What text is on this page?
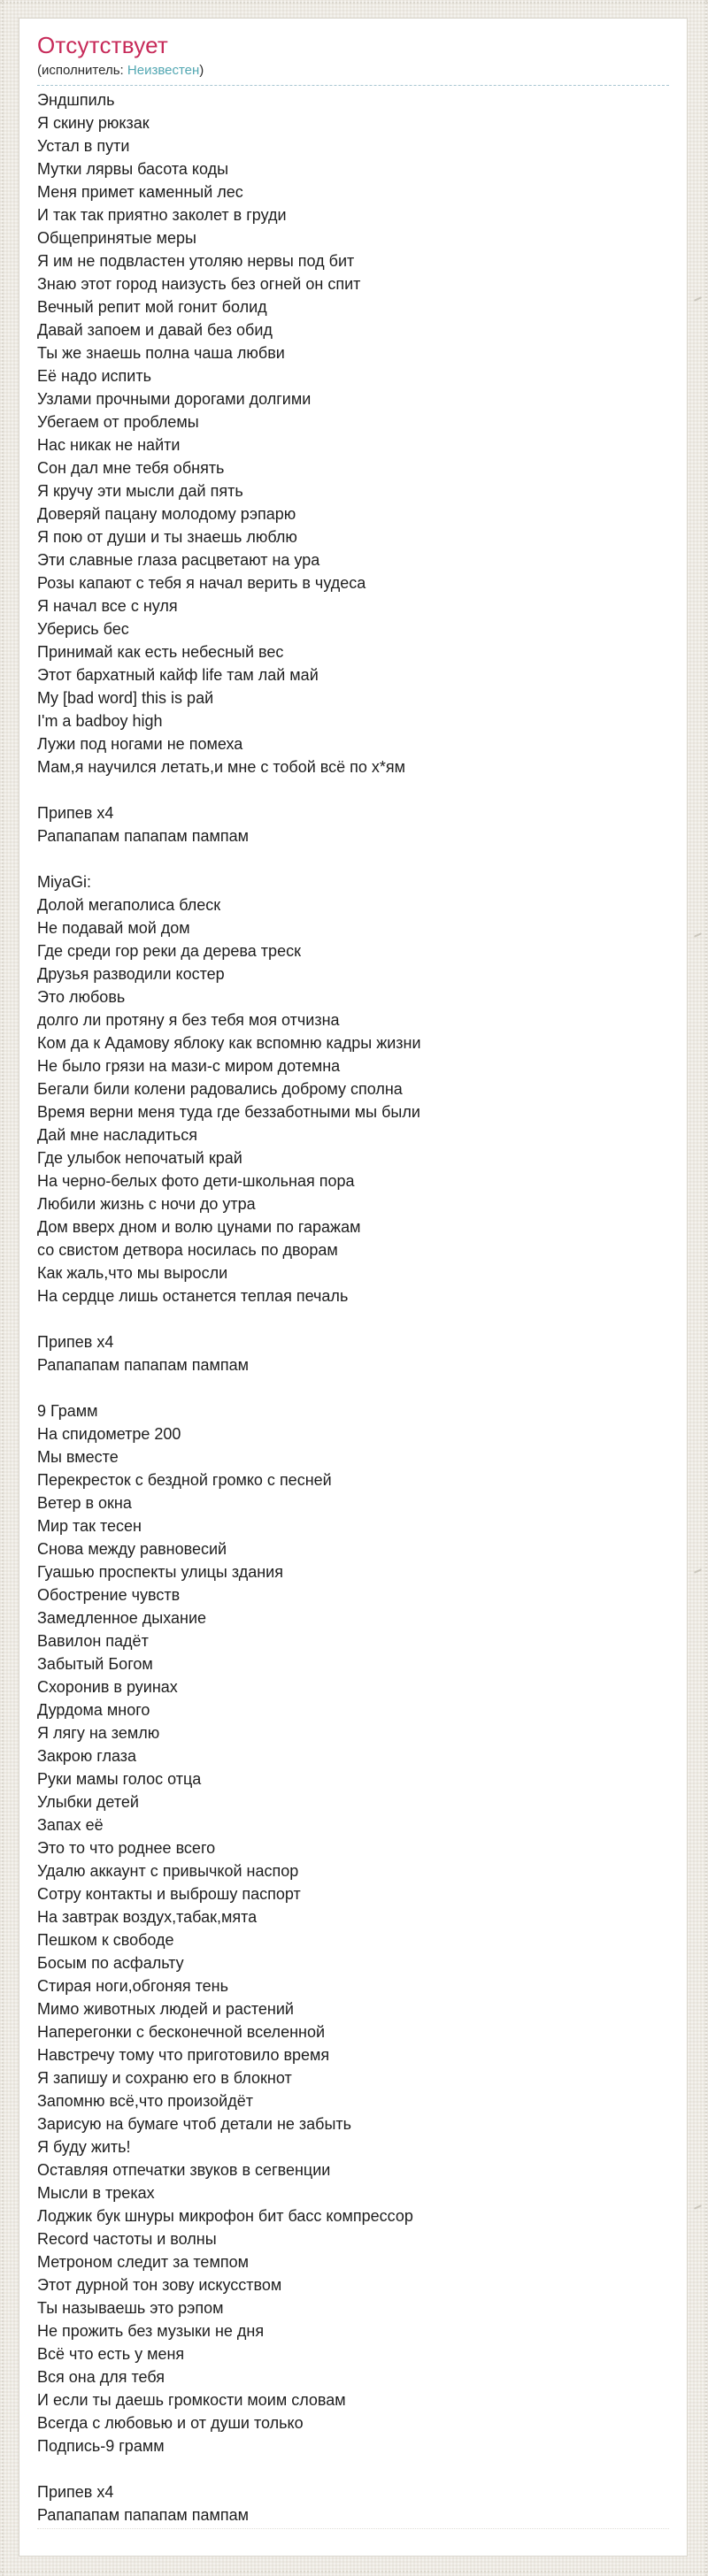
Отсутствует
(исполнитель: Неизвестен)
Эндшпиль
Я скину рюкзак
Устал в пути
Мутки лярвы басота коды
Меня примет каменный лес
И так так приятно заколет в груди
Общепринятые меры
Я им не подвластен утоляю нервы под бит
Знаю этот город наизусть без огней он спит
Вечный репит мой гонит болид
Давай запоем и давай без обид
Ты же знаешь полна чаша любви
Её надо испить
Узлами прочными дорогами долгими
Убегаем от проблемы
Нас никак не найти
Сон дал мне тебя обнять
Я кручу эти мысли дай пять
Доверяй пацану молодому рэпарю
Я пою от души и ты знаешь люблю
Эти славные глаза расцветают на ура
Розы капают с тебя я начал верить в чудеса
Я начал все с нуля
Уберись бес
Принимай как есть небесный вес
Этот бархатный кайф life там лай май
My [bad word] this is рай
I'm a badboy high
Лужи под ногами не помеха
Мам,я научился летать,и мне с тобой всё по х*ям

Припев x4
Рапапапам папапам пампам

MiyaGi:
Долой мегаполиса блеск
Не подавай мой дом
Где среди гор реки да дерева треск
Друзья разводили костер
Это любовь
долго ли протяну я без тебя моя отчизна
Ком да к Адамову яблоку как вспомню кадры жизни
Не было грязи на мази-с миром дотемна
Бегали били колени радовались доброму сполна
Время верни меня туда где беззаботными мы были
Дай мне насладиться
Где улыбок непочатый край
На черно-белых фото дети-школьная пора
Любили жизнь с ночи до утра
Дом вверх дном и волю цунами по гаражам
со свистом детвора носилась по дворам
Как жаль,что мы выросли
На сердце лишь останется теплая печаль

Припев x4
Рапапапам папапам пампам

9 Грамм
На спидометре 200
Мы вместе
Перекресток с бездной громко с песней
Ветер в окна
Мир так тесен
Снова между равновесий
Гуашью проспекты улицы здания
Обострение чувств
Замедленное дыхание
Вавилон падёт
Забытый Богом
Схоронив в руинах
Дурдома много
Я лягу на землю
Закрою глаза
Руки мамы голос отца
Улыбки детей
Запах её
Это то что роднее всего
Удалю аккаунт с привычкой наспор
Сотру контакты и выброшу паспорт
На завтрак воздух,табак,мята
Пешком к свободе
Босым по асфальту
Стирая ноги,обгоняя тень
Мимо животных людей и растений
Наперегонки с бесконечной вселенной
Навстречу тому что приготовило время
Я запишу и сохраню его в блокнот
Запомню всё,что произойдёт
Зарисую на бумаге чтоб детали не забыть
Я буду жить!
Оставляя отпечатки звуков в сегвенции
Мысли в треках
Лоджик бук шнуры микрофон бит басс компрессор
Record частоты и волны
Метроном следит за темпом
Этот дурной тон зову искусством
Ты называешь это рэпом
Не прожить без музыки не дня
Всё что есть у меня
Вся она для тебя
И если ты даешь громкости моим словам
Всегда с любовью и от души только
Подпись-9 грамм

Припев x4
Рапапапам папапам пампам
